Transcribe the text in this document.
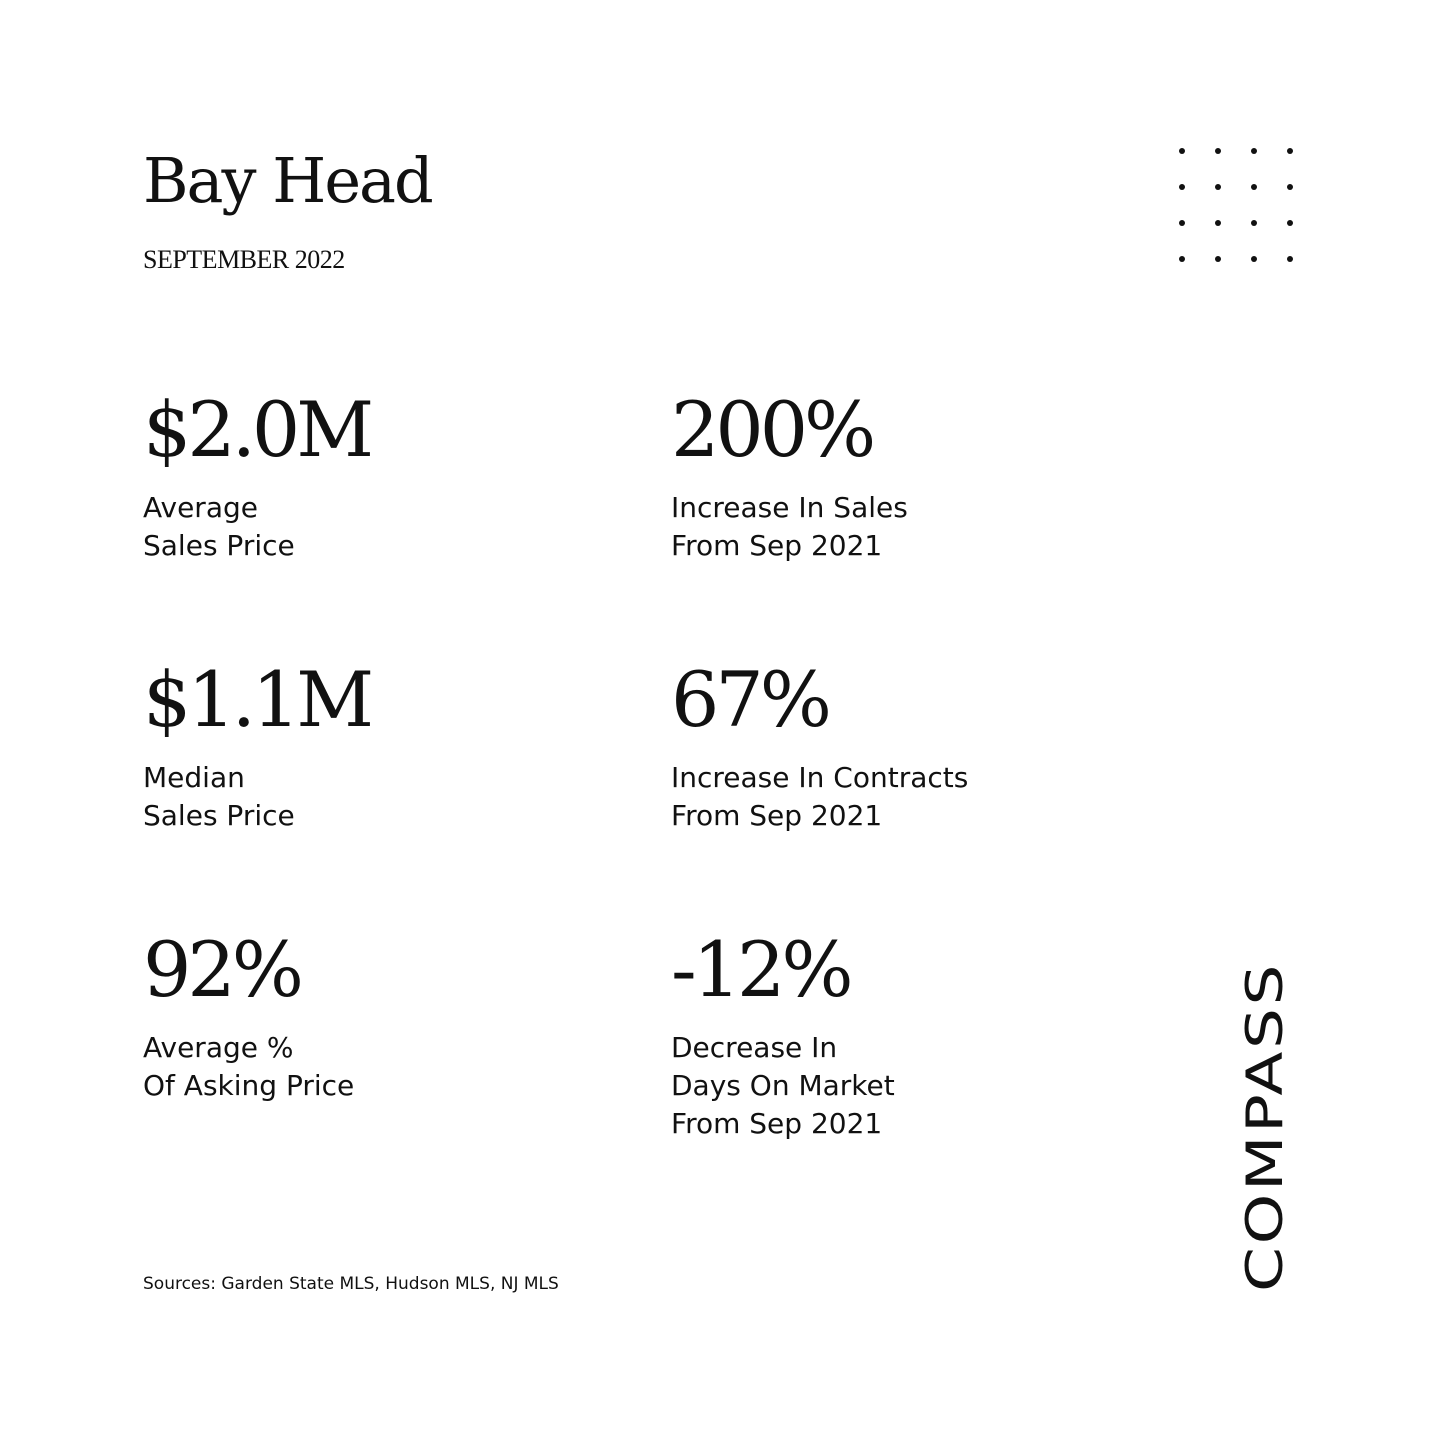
Bay Head
SEPTEMBER 2022
$2.0M
Average
Sales Price
200%
Increase In Sales
From Sep 2021
$1.1M
Median
Sales Price
67%
Increase In Contracts
From Sep 2021
92%
Average %
Of Asking Price
-12%
Decrease In
Days On Market
From Sep 2021
Sources: Garden State MLS, Hudson MLS, NJ MLS	COMPASS
